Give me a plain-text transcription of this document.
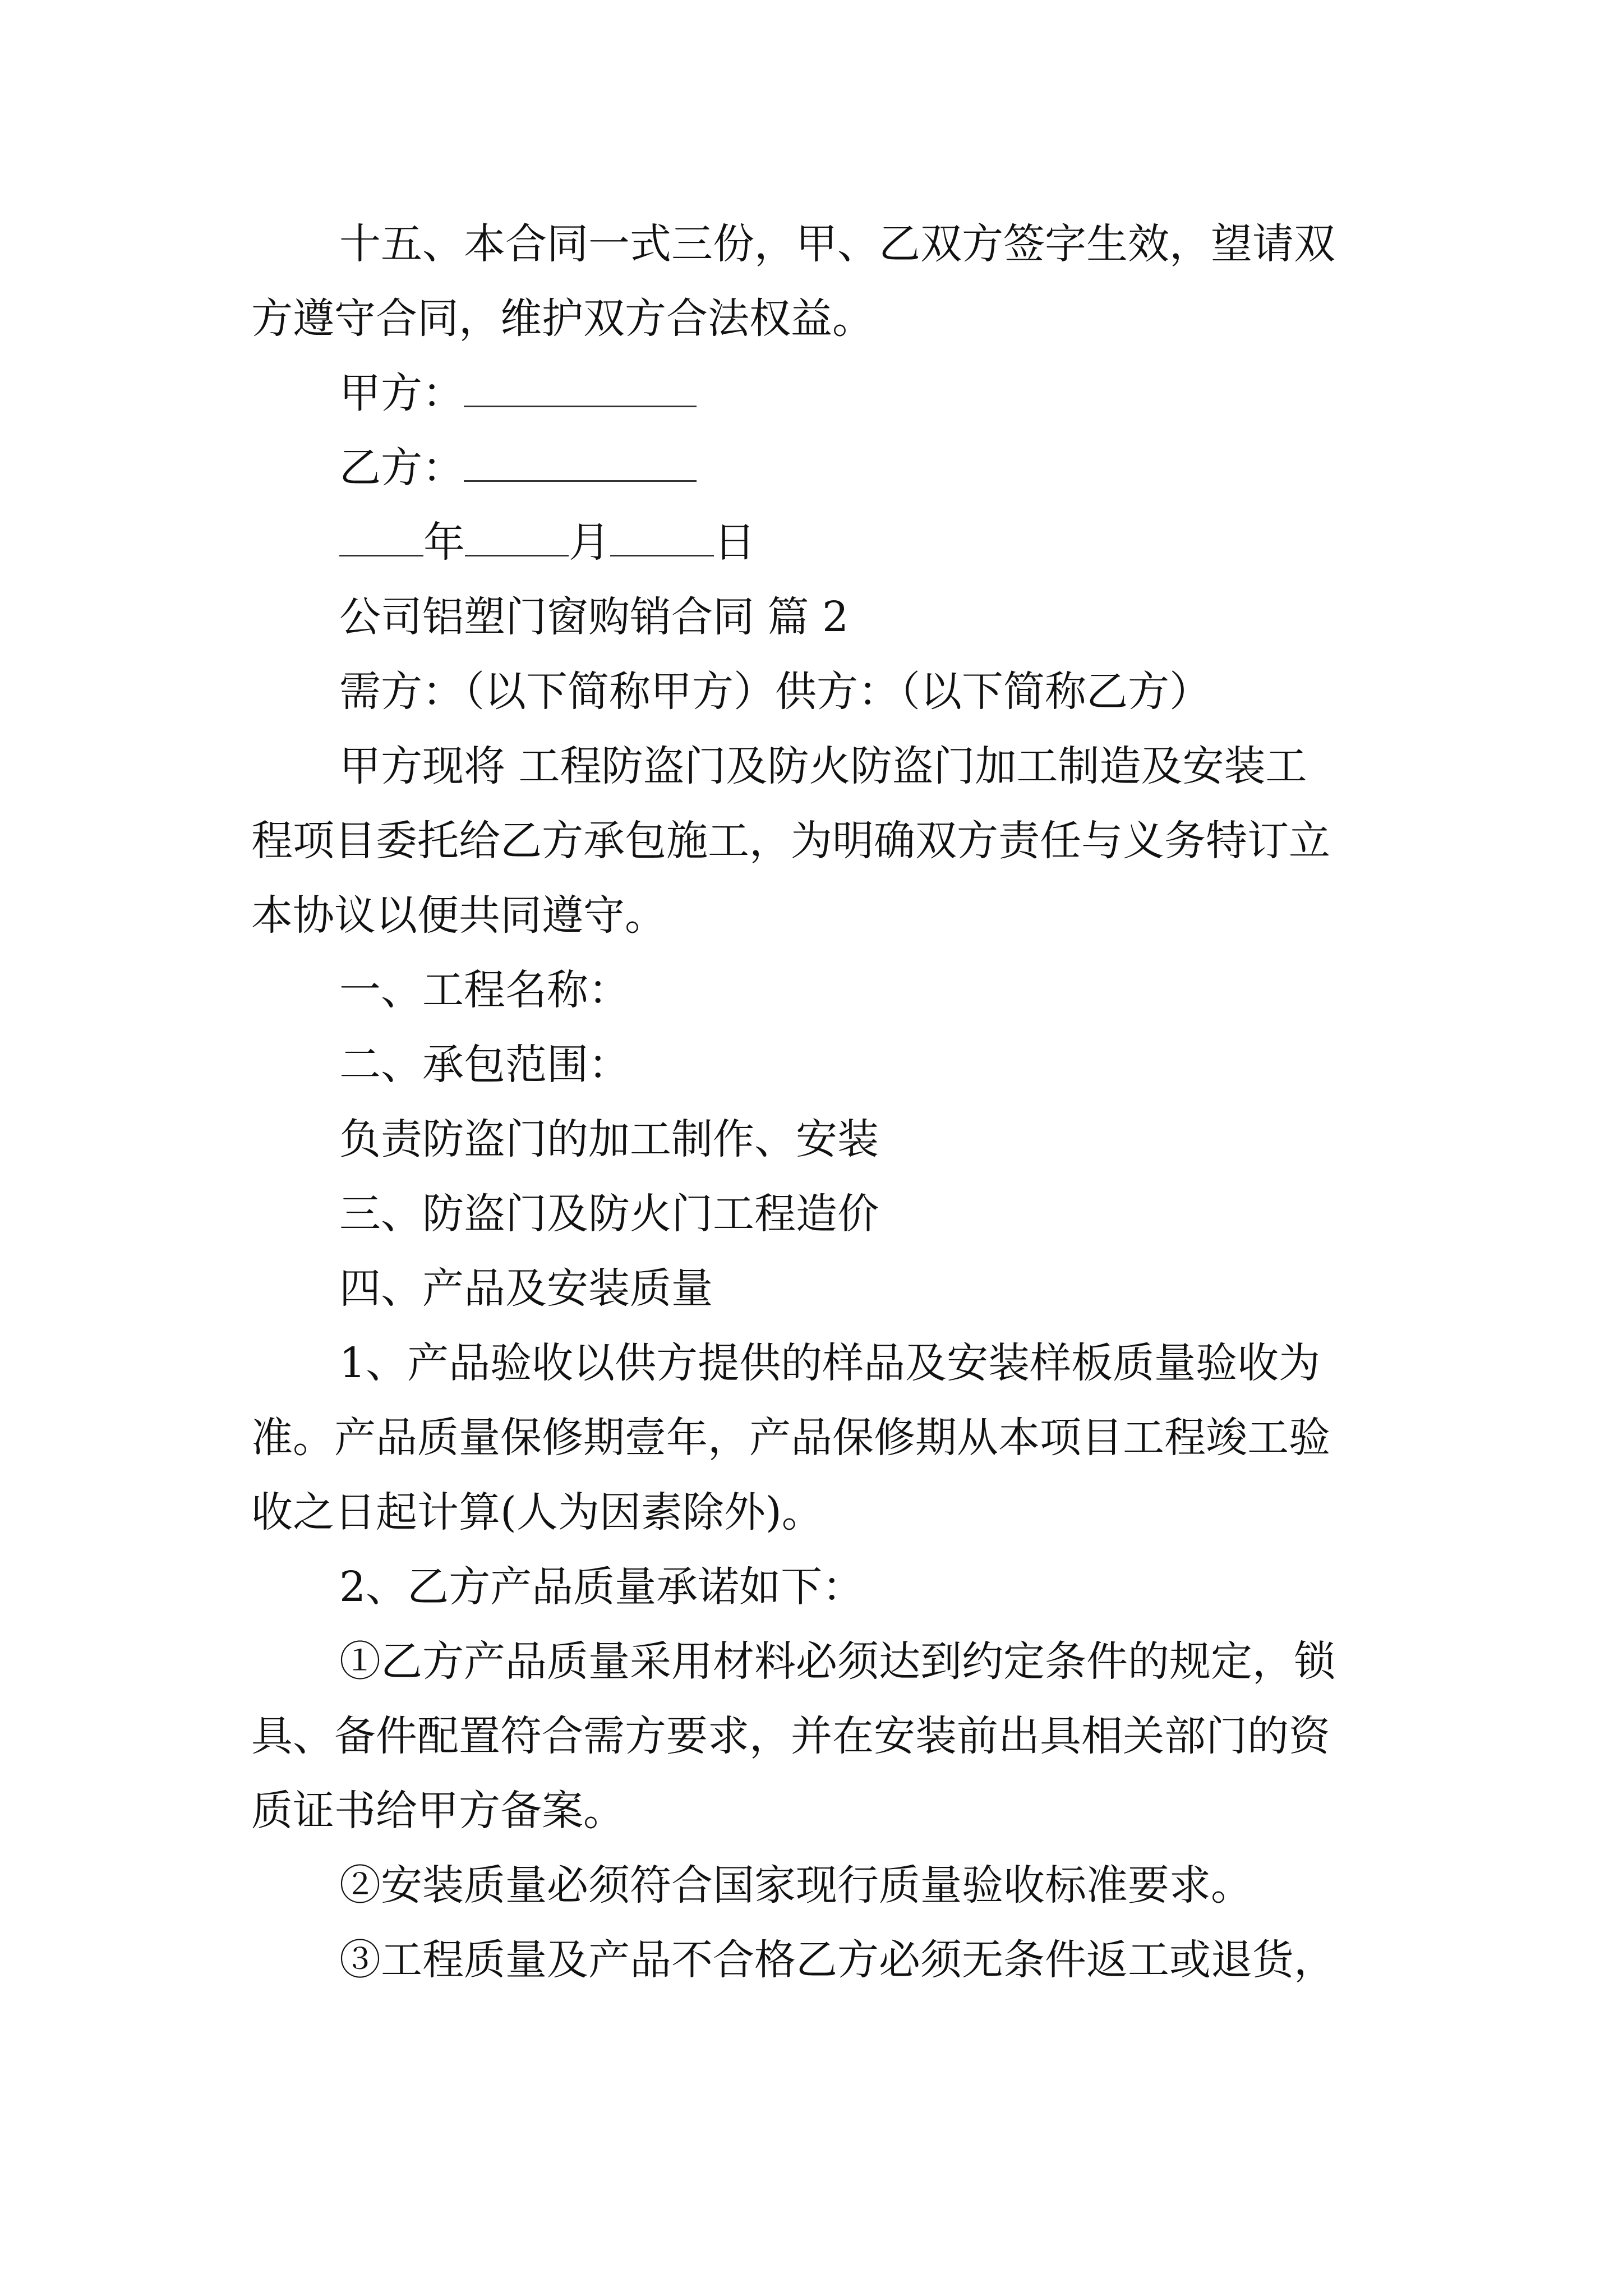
十五、本合同一式三份，甲、乙双方签字生效，望请双
方遵守合同，维护双方合法权益。
甲方：
乙方：
年	月	日
公司铝塑门窗购销合同 篇 2
需方：（以下简称甲方）供方：（以下简称乙方）
甲方现将 工程防盗门及防火防盗门加工制造及安装工
程项目委托给乙方承包施工，为明确双方责任与义务特订立
本协议以便共同遵守。
一、工程名称：
二、承包范围：
负责防盗门的加工制作、安装
三、防盗门及防火门工程造价
四、产品及安装质量
1、产品验收以供方提供的样品及安装样板质量验收为
准。产品质量保修期壹年，产品保修期从本项目工程竣工验
收之日起计算(人为因素除外)。
2、乙方产品质量承诺如下：
①乙方产品质量采用材料必须达到约定条件的规定，锁
具、备件配置符合需方要求，并在安装前出具相关部门的资
质证书给甲方备案。
②安装质量必须符合国家现行质量验收标准要求。
③工程质量及产品不合格乙方必须无条件返工或退货，
